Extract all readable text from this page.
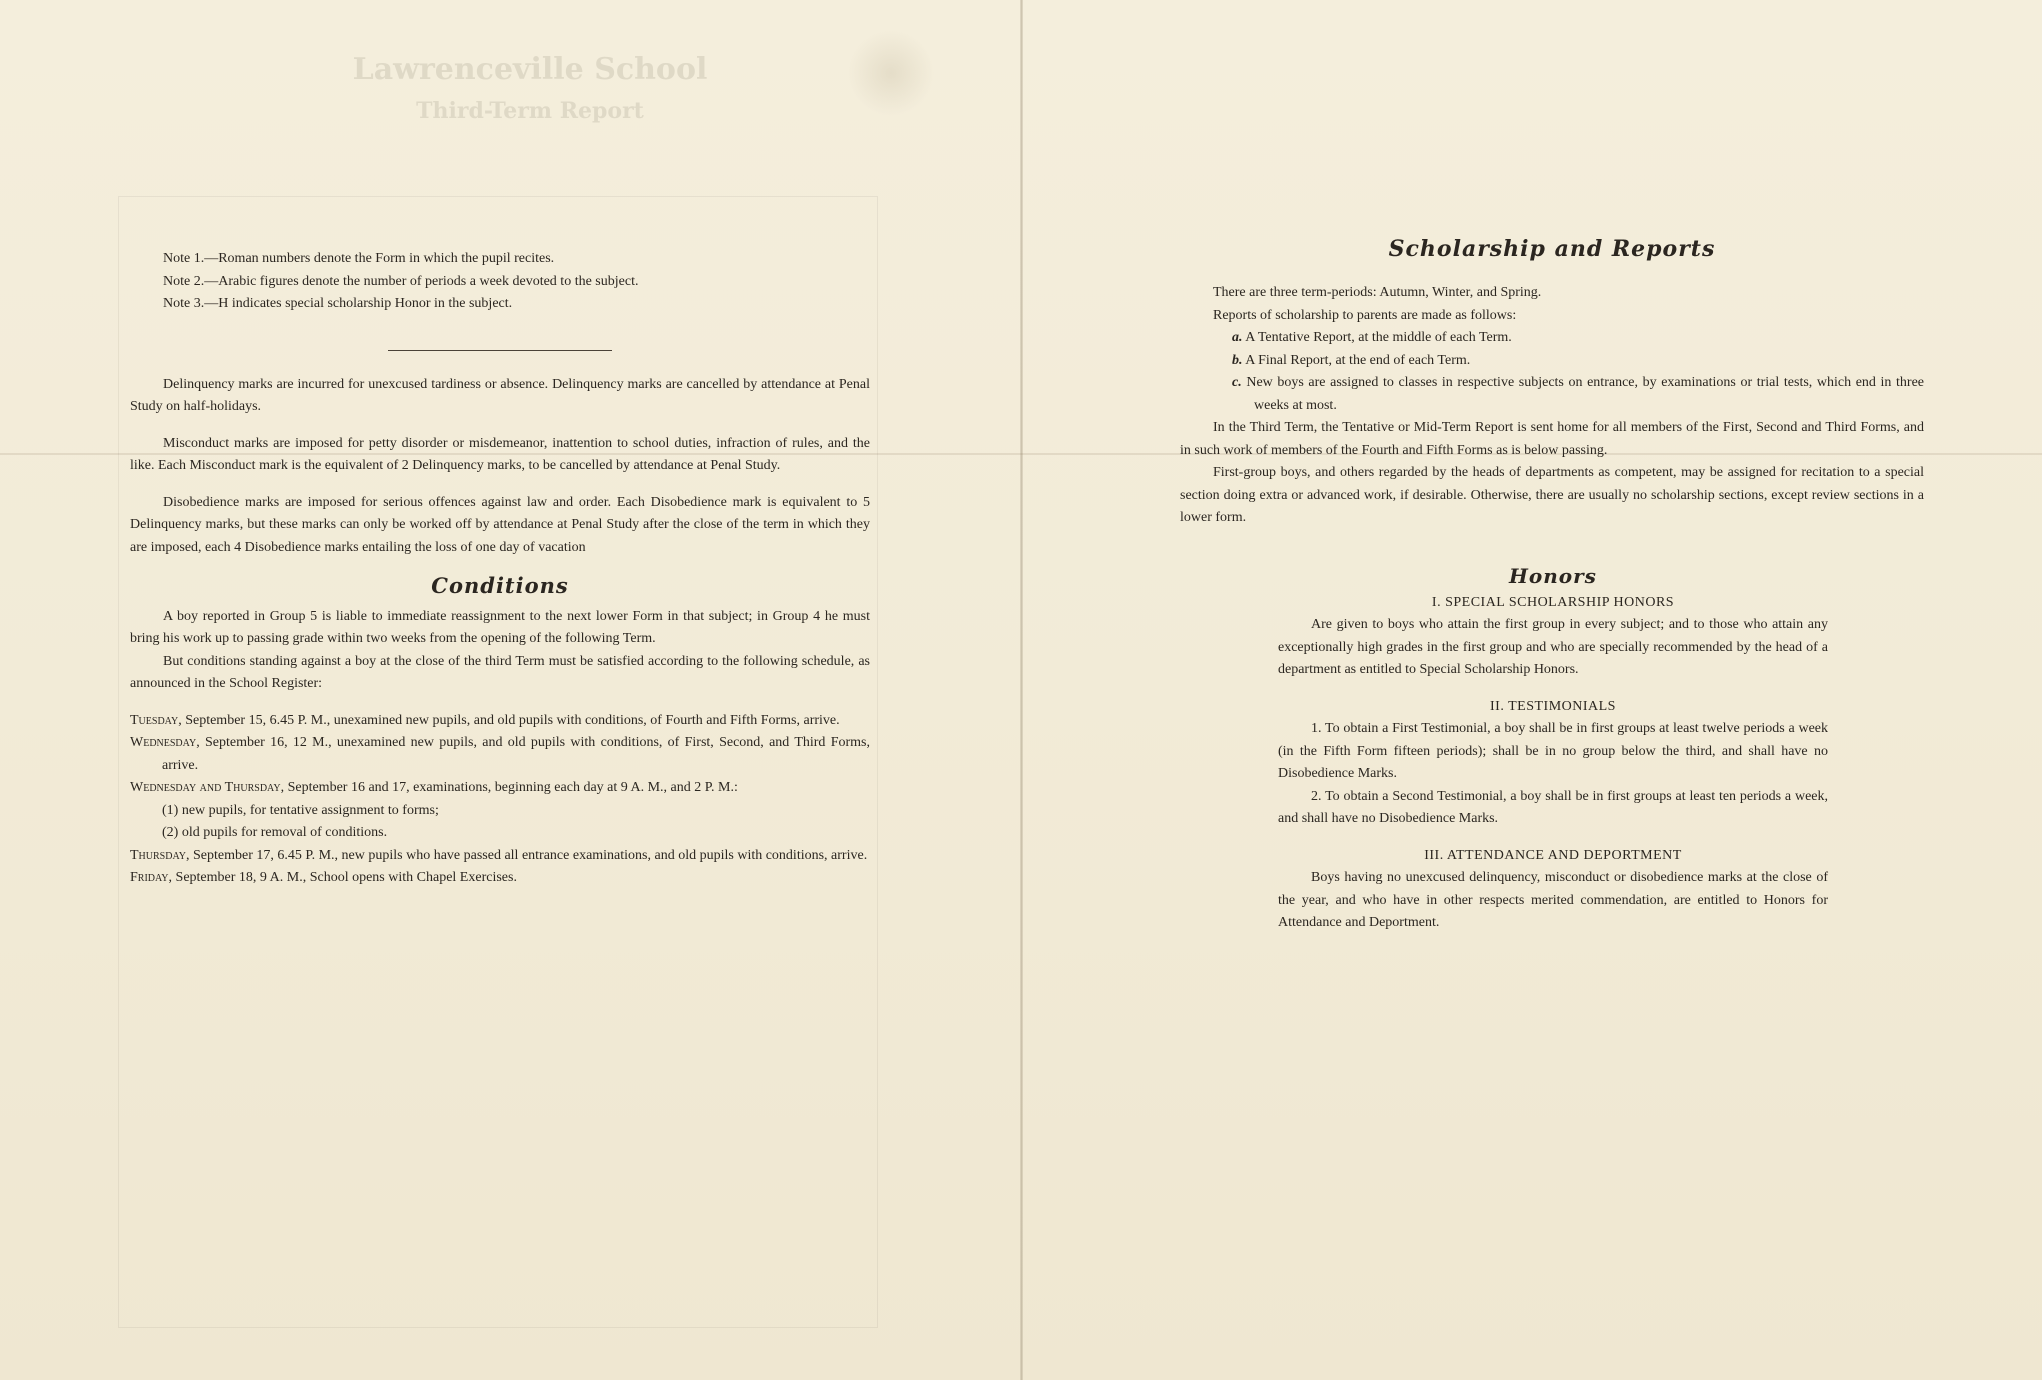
Lawrenceville School
Third-Term Report

Note 1.—Roman numbers denote the Form in which the pupil recites.

Note 2.—Arabic figures denote the number of periods a week devoted to the subject.

Note 3.—H indicates special scholarship Honor in the subject.

Delinquency marks are incurred for unexcused tardiness or absence. Delinquency marks are cancelled by attendance at Penal Study on half-holidays.

Misconduct marks are imposed for petty disorder or misdemeanor, inattention to school duties, infraction of rules, and the like. Each Misconduct mark is the equivalent of 2 Delinquency marks, to be cancelled by attendance at Penal Study.

Disobedience marks are imposed for serious offences against law and order. Each Disobedience mark is equivalent to 5 Delinquency marks, but these marks can only be worked off by attendance at Penal Study after the close of the term in which they are imposed, each 4 Disobedience marks entailing the loss of one day of vacation

Conditions

A boy reported in Group 5 is liable to immediate reassignment to the next lower Form in that subject; in Group 4 he must bring his work up to passing grade within two weeks from the opening of the following Term.

But conditions standing against a boy at the close of the third Term must be satisfied according to the following schedule, as announced in the School Register:

Tuesday, September 15, 6.45 P. M., unexamined new pupils, and old pupils with conditions, of Fourth and Fifth Forms, arrive.

Wednesday, September 16, 12 M., unexamined new pupils, and old pupils with conditions, of First, Second, and Third Forms, arrive.

Wednesday and Thursday, September 16 and 17, examinations, beginning each day at 9 A. M., and 2 P. M.:

(1) new pupils, for tentative assignment to forms;

(2) old pupils for removal of conditions.

Thursday, September 17, 6.45 P. M., new pupils who have passed all entrance examinations, and old pupils with conditions, arrive.

Friday, September 18, 9 A. M., School opens with Chapel Exercises.

Scholarship and Reports

There are three term-periods: Autumn, Winter, and Spring.

Reports of scholarship to parents are made as follows:

a. A Tentative Report, at the middle of each Term.

b. A Final Report, at the end of each Term.

c. New boys are assigned to classes in respective subjects on entrance, by examinations or trial tests, which end in three weeks at most.

In the Third Term, the Tentative or Mid-Term Report is sent home for all members of the First, Second and Third Forms, and in such work of members of the Fourth and Fifth Forms as is below passing.

First-group boys, and others regarded by the heads of departments as competent, may be assigned for recitation to a special section doing extra or advanced work, if desirable. Otherwise, there are usually no scholarship sections, except review sections in a lower form.

Honors

I. SPECIAL SCHOLARSHIP HONORS

Are given to boys who attain the first group in every subject; and to those who attain any exceptionally high grades in the first group and who are specially recommended by the head of a department as entitled to Special Scholarship Honors.

II. TESTIMONIALS

1. To obtain a First Testimonial, a boy shall be in first groups at least twelve periods a week (in the Fifth Form fifteen periods); shall be in no group below the third, and shall have no Disobedience Marks.

2. To obtain a Second Testimonial, a boy shall be in first groups at least ten periods a week, and shall have no Disobedience Marks.

III. ATTENDANCE AND DEPORTMENT

Boys having no unexcused delinquency, misconduct or disobedience marks at the close of the year, and who have in other respects merited commendation, are entitled to Honors for Attendance and Deportment.
